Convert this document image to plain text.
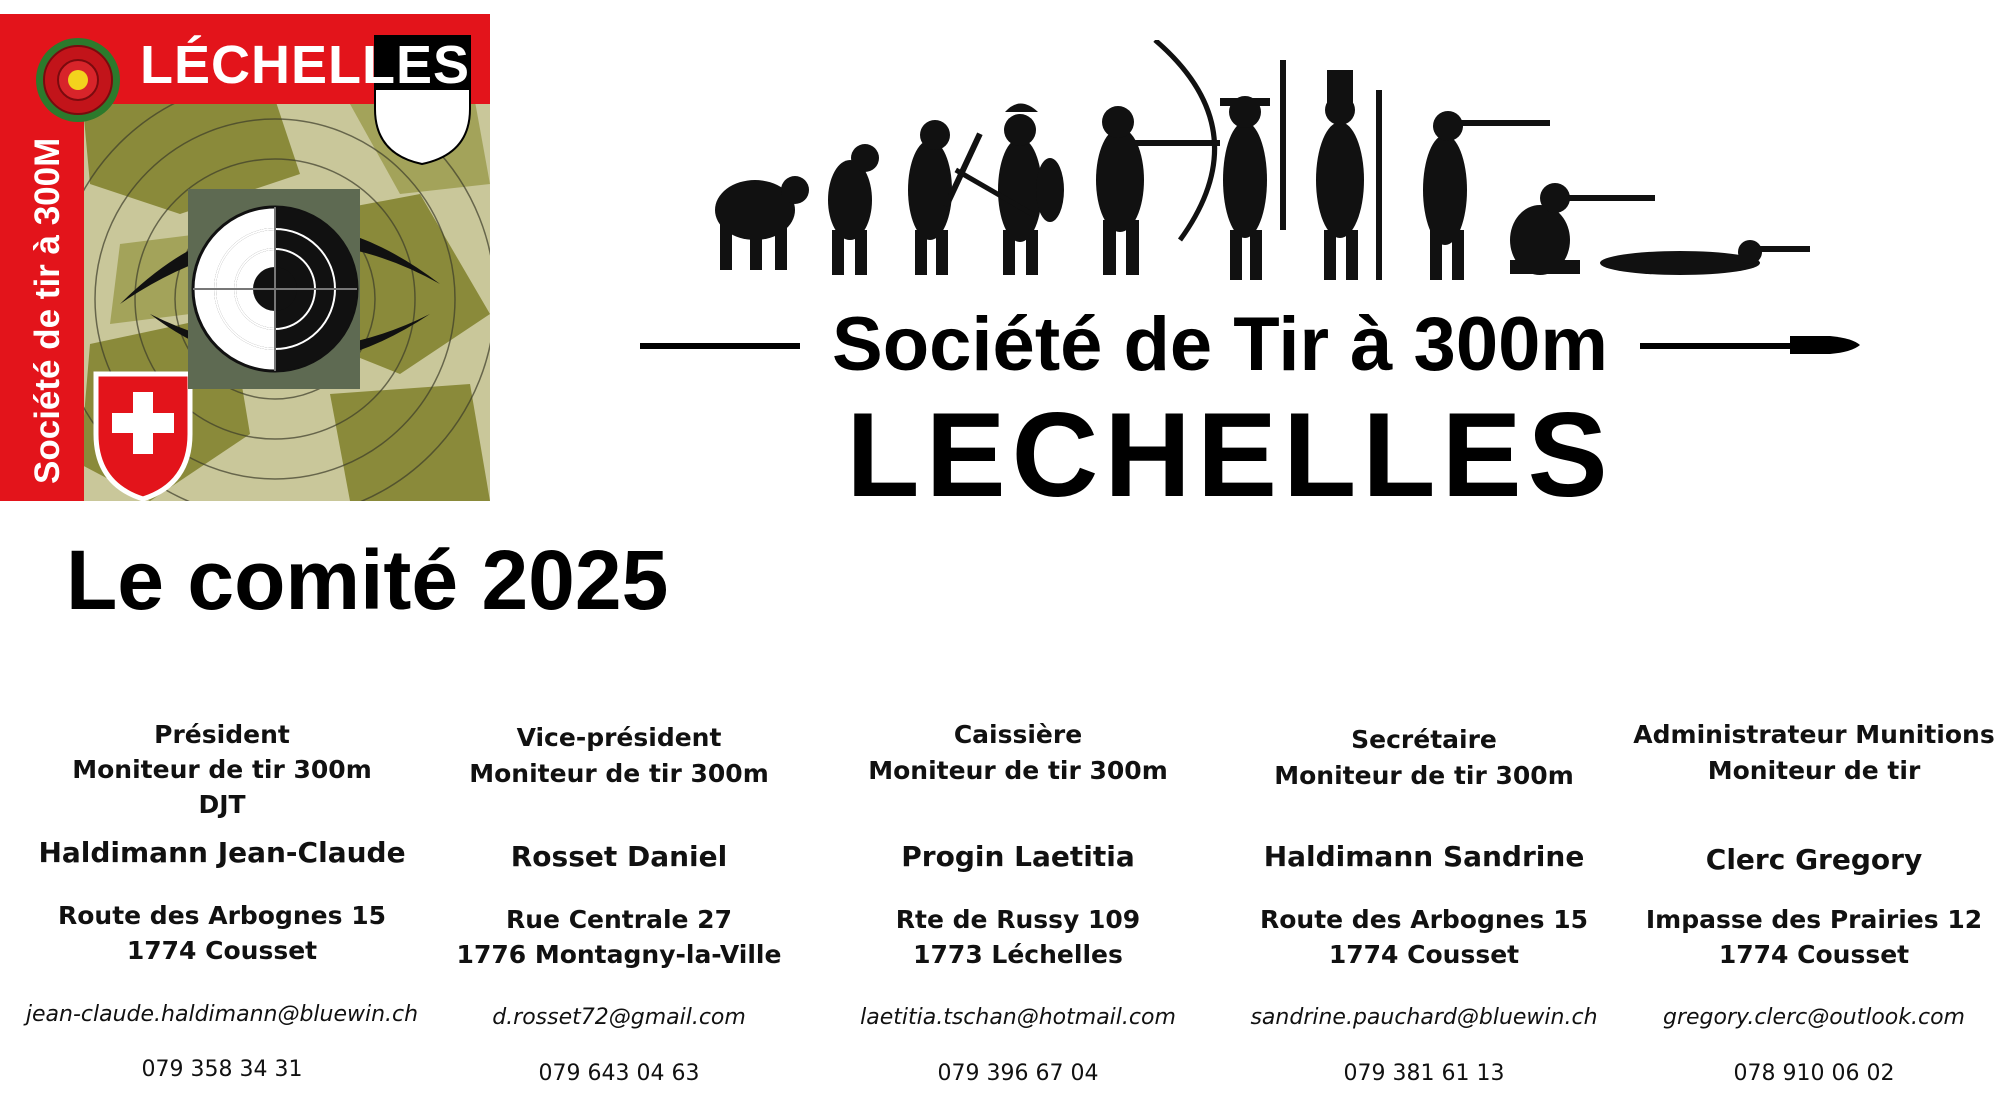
LÉCHELLES
Société de tir à 300M	Société de Tir à 300m
LECHELLES
Le comité 2025
Président
Moniteur de tir 300m
DJT
Haldimann Jean-Claude
Route des Arbognes 15
1774 Cousset
jean-claude.haldimann@bluewin.ch
079 358 34 31
Vice-président
Moniteur de tir 300m
Rosset Daniel
Rue Centrale 27
1776 Montagny-la-Ville
d.rosset72@gmail.com
079 643 04 63
Caissière
Moniteur de tir 300m
Progin Laetitia
Rte de Russy 109
1773 Léchelles
laetitia.tschan@hotmail.com
079 396 67 04
Secrétaire
Moniteur de tir 300m
Haldimann Sandrine
Route des Arbognes 15
1774 Cousset
sandrine.pauchard@bluewin.ch
079 381 61 13
Administrateur Munitions
Moniteur de tir
Clerc Gregory
Impasse des Prairies 12
1774 Cousset
gregory.clerc@outlook.com
078 910 06 02
